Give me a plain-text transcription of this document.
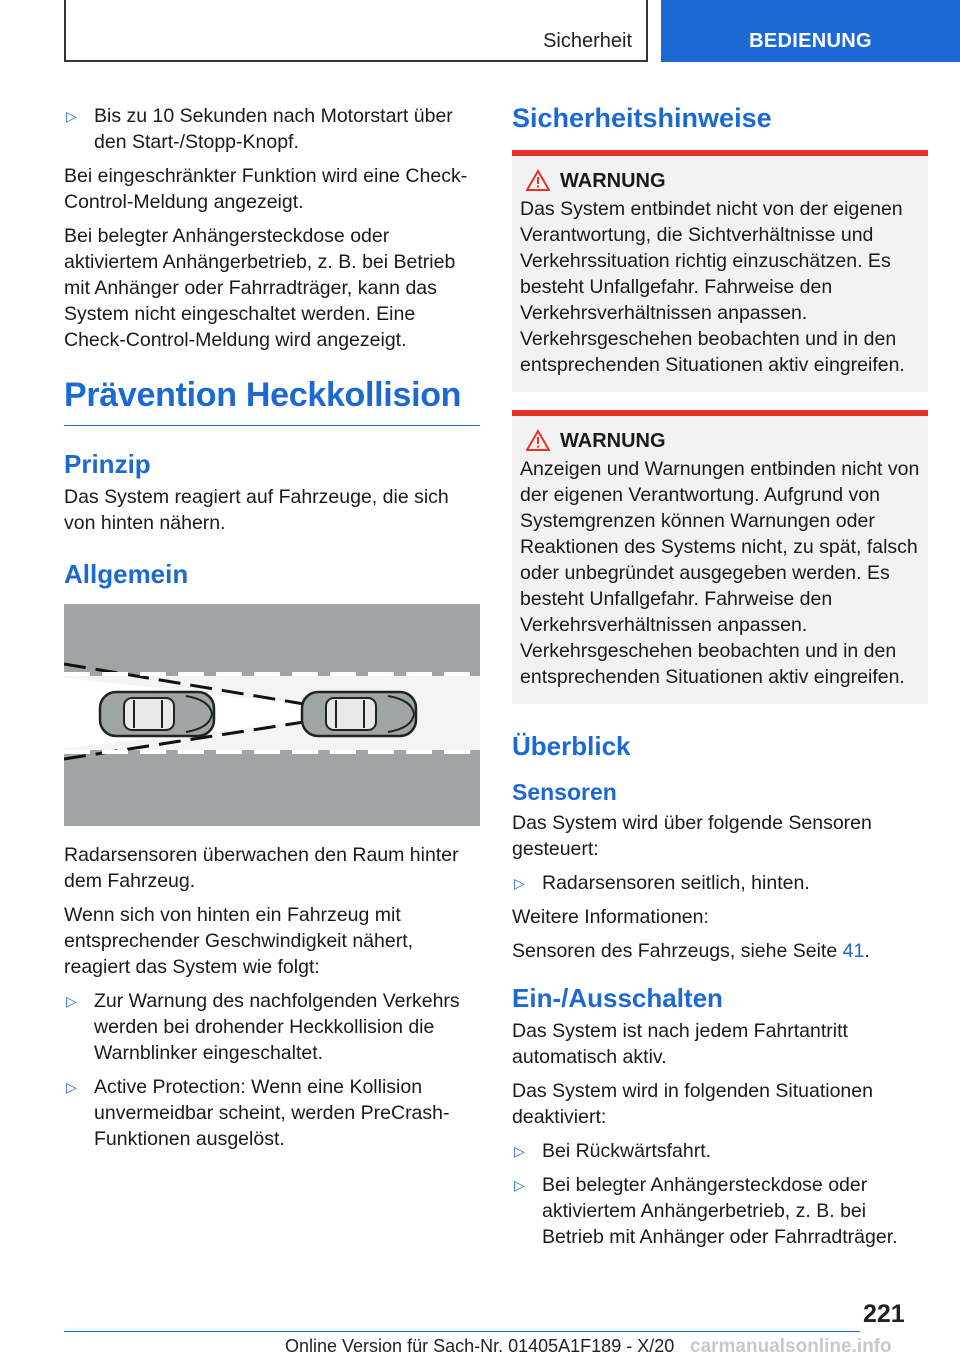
Sicherheit	BEDIENUNG
▷ Bis zu 10 Sekunden nach Motorstart über den Start-/Stopp-Knopf.

Bei eingeschränkter Funktion wird eine Check-Control-Meldung angezeigt.

Bei belegter Anhängersteckdose oder aktiviertem Anhängerbetrieb, z. B. bei Betrieb mit Anhänger oder Fahrradträger, kann das System nicht eingeschaltet werden. Eine Check-Control-Meldung wird angezeigt.

Prävention Heckkollision
Prinzip

Das System reagiert auf Fahrzeuge, die sich von hinten nähern.

Allgemein

Radarsensoren überwachen den Raum hinter dem Fahrzeug.

Wenn sich von hinten ein Fahrzeug mit entsprechender Geschwindigkeit nähert, reagiert das System wie folgt:

▷ Zur Warnung des nachfolgenden Verkehrs werden bei drohender Heckkollision die Warnblinker eingeschaltet.

▷ Active Protection: Wenn eine Kollision unvermeidbar scheint, werden PreCrash-Funktionen ausgelöst.

Sicherheitshinweise
WARNUNG

Das System entbindet nicht von der eigenen Verantwortung, die Sichtverhältnisse und Verkehrssituation richtig einzuschätzen. Es besteht Unfallgefahr. Fahrweise den Verkehrsverhältnissen anpassen. Verkehrsgeschehen beobachten und in den entsprechenden Situationen aktiv eingreifen.

WARNUNG

Anzeigen und Warnungen entbinden nicht von der eigenen Verantwortung. Aufgrund von Systemgrenzen können Warnungen oder Reaktionen des Systems nicht, zu spät, falsch oder unbegründet ausgegeben werden. Es besteht Unfallgefahr. Fahrweise den Verkehrsverhältnissen anpassen. Verkehrsgeschehen beobachten und in den entsprechenden Situationen aktiv eingreifen.

Überblick
Sensoren

Das System wird über folgende Sensoren gesteuert:

▷ Radarsensoren seitlich, hinten.

Weitere Informationen:

Sensoren des Fahrzeugs, siehe Seite 41.

Ein-/Ausschalten

Das System ist nach jedem Fahrtantritt automatisch aktiv.

Das System wird in folgenden Situationen deaktiviert:

▷ Bei Rückwärtsfahrt.

▷ Bei belegter Anhängersteckdose oder aktiviertem Anhängerbetrieb, z. B. bei Betrieb mit Anhänger oder Fahrradträger.

221
Online Version für Sach-Nr. 01405A1F189 - X/20 carmanualsonline.info
